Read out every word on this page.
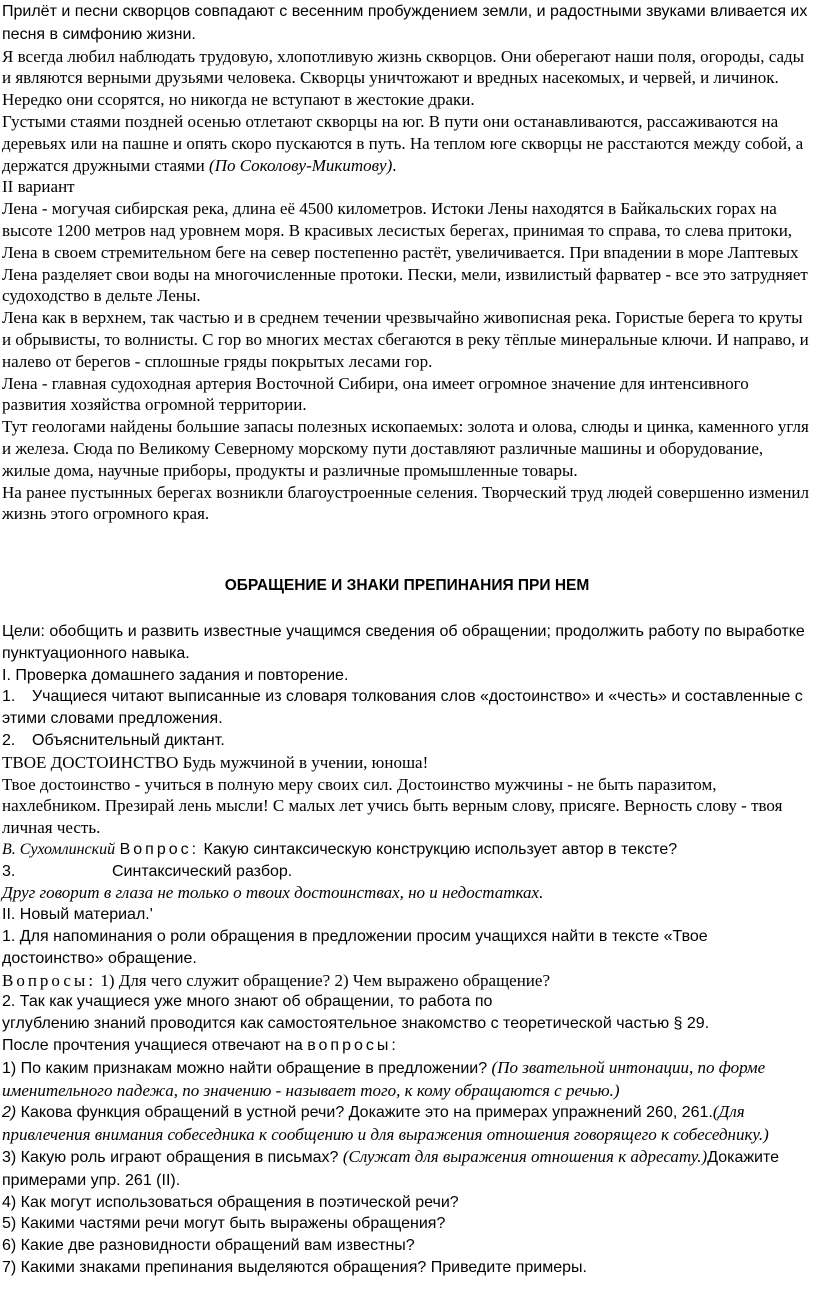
Прилёт и песни скворцов совпадают с весенним пробуждением земли, и радостными звуками вливается их песня в симфонию жизни.

Я всегда любил наблюдать трудовую, хлопотливую жизнь скворцов. Они оберегают наши поля, огороды, сады и являются верными друзьями человека. Скворцы уничтожают и вредных насекомых, и червей, и личинок. Нередко они ссорятся, но никогда не вступают в жестокие драки.

Густыми стаями поздней осенью отлетают скворцы на юг. В пути они останавливаются, рассаживаются на деревьях или на пашне и опять скоро пускаются в путь. На теплом юге скворцы не расстаются между собой, а держатся дружными стаями (По Соколову-Микитову).

II вариант

Лена - могучая сибирская река, длина её 4500 километров. Истоки Лены находятся в Байкальских горах на высоте 1200 метров над уровнем моря. В красивых лесистых берегах, принимая то справа, то слева притоки, Лена в своем стремительном беге на север постепенно растёт, увеличивается. При впадении в море Лаптевых Лена разделяет свои воды на многочисленные протоки. Пески, мели, извилистый фарватер - все это затрудняет судоходство в дельте Лены.

Лена как в верхнем, так частью и в среднем течении чрезвычайно живописная река. Гористые берега то круты и обрывисты, то волнисты. С гор во многих местах сбегаются в реку тёплые минеральные ключи. И направо, и налево от берегов - сплошные гряды покрытых лесами гор.

Лена - главная судоходная артерия Восточной Сибири, она имеет огромное значение для интенсивного развития хозяйства огромной территории.

Тут геологами найдены большие запасы полезных ископаемых: золота и олова, слюды и цинка, каменного угля и железа. Сюда по Великому Северному морскому пути доставляют различные машины и оборудование, жилые дома, научные приборы, продукты и различные промышленные товары.

На ранее пустынных берегах возникли благоустроенные селения. Творческий труд людей совершенно изменил жизнь этого огромного края.

ОБРАЩЕНИЕ И ЗНАКИ ПРЕПИНАНИЯ ПРИ НЕМ

Цели: обобщить и развить известные учащимся сведения об обращении; продолжить работу по выработке пунктуационного навыка.

I. Проверка домашнего задания и повторение.

1. Учащиеся читают выписанные из словаря толкования слов «достоинство» и «честь» и составленные с этими словами предложения.

2. Объяснительный диктант.

ТВОЕ ДОСТОИНСТВО Будь мужчиной в учении, юноша!

Твое достоинство - учиться в полную меру своих сил. Достоинство мужчины - не быть паразитом, нахлебником. Презирай лень мысли! С малых лет учись быть верным слову, присяге. Верность слову - твоя личная честь.

В. Сухомлинский Вопрос: Какую синтаксическую конструкцию использует автор в тексте?

3.	Синтаксический разбор.

Друг говорит в глаза не только о твоих достоинствах, но и недостатках.

II. Новый материал.'

1. Для напоминания о роли обращения в предложении просим учащихся найти в тексте «Твое достоинство» обращение.

Вопросы: 1) Для чего служит обращение? 2) Чем выражено обращение?

2. Так как учащиеся уже много знают об обращении, то работа по

углублению знаний проводится как самостоятельное знакомство с теоретической частью § 29.

После прочтения учащиеся отвечают на вопросы:

1) По каким признакам можно найти обращение в предложении? (По звательной интонации, по форме именительного падежа, по значению - называет того, к кому обращаются с речью.)

2) Какова функция обращений в устной речи? Докажите это на примерах упражнений 260, 261.(Для привлечения внимания собеседника к сообщению и для выражения отношения говорящего к собеседнику.)

3) Какую роль играют обращения в письмах? (Служат для выражения отношения к адресату.)Докажите примерами упр. 261 (II).

4) Как могут использоваться обращения в поэтической речи?

5) Какими частями речи могут быть выражены обращения?

6) Какие две разновидности обращений вам известны?

7) Какими знаками препинания выделяются обращения? Приведите примеры.
